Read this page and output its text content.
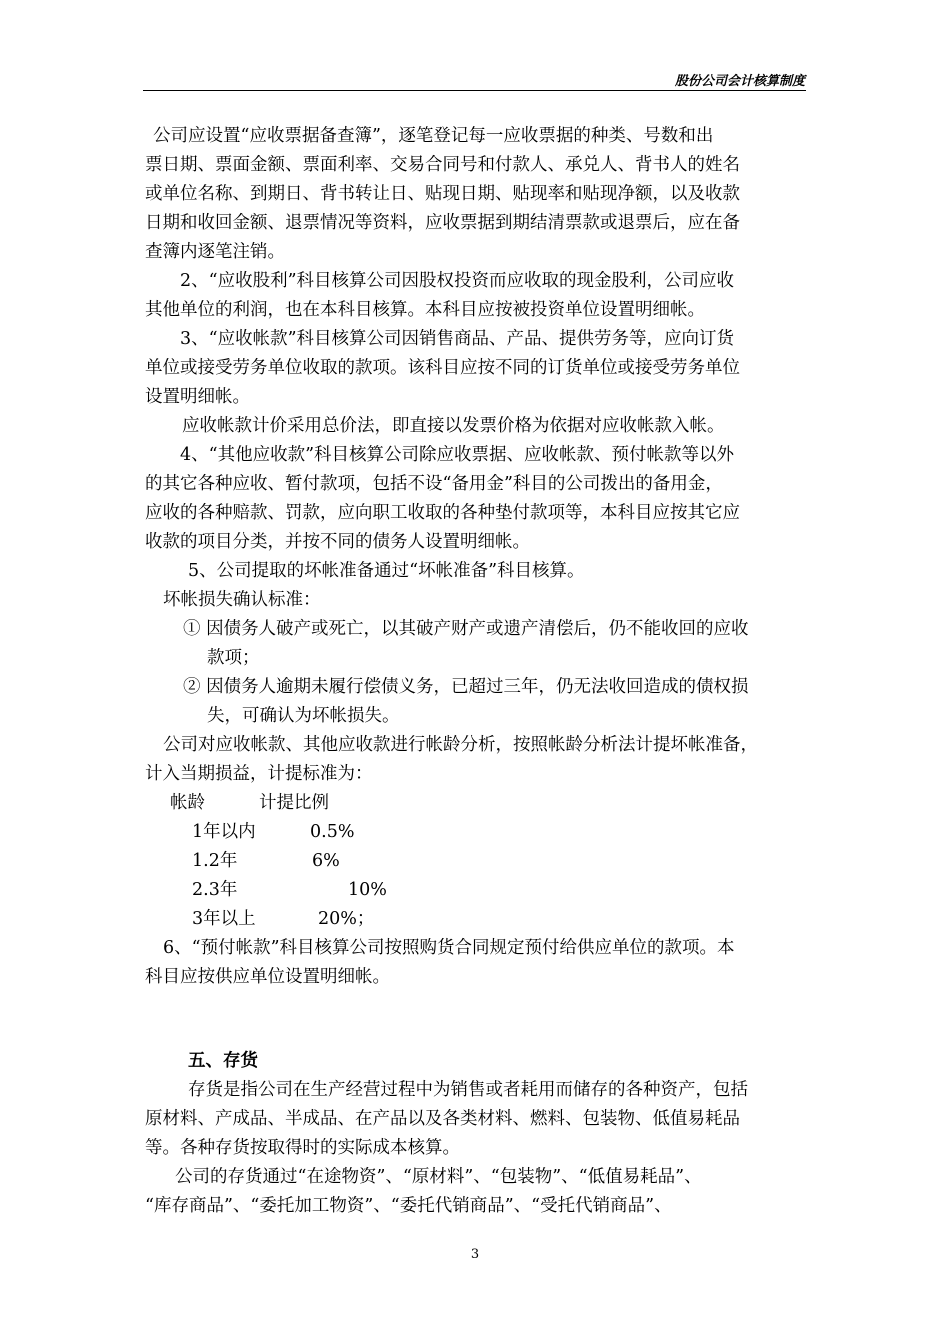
股份公司会计核算制度

公司应设置“应收票据备查簿”，逐笔登记每一应收票据的种类、号数和出

票日期、票面金额、票面利率、交易合同号和付款人、承兑人、背书人的姓名

或单位名称、到期日、背书转让日、贴现日期、贴现率和贴现净额，以及收款

日期和收回金额、退票情况等资料，应收票据到期结清票款或退票后，应在备

查簿内逐笔注销。

2、“应收股利”科目核算公司因股权投资而应收取的现金股利，公司应收

其他单位的利润，也在本科目核算。本科目应按被投资单位设置明细帐。

3、“应收帐款”科目核算公司因销售商品、产品、提供劳务等，应向订货

单位或接受劳务单位收取的款项。该科目应按不同的订货单位或接受劳务单位

设置明细帐。

应收帐款计价采用总价法，即直接以发票价格为依据对应收帐款入帐。

4、“其他应收款”科目核算公司除应收票据、应收帐款、预付帐款等以外

的其它各种应收、暂付款项，包括不设“备用金”科目的公司拨出的备用金，

应收的各种赔款、罚款，应向职工收取的各种垫付款项等，本科目应按其它应

收款的项目分类，并按不同的债务人设置明细帐。

5、公司提取的坏帐准备通过“坏帐准备”科目核算。

坏帐损失确认标准：

① 因债务人破产或死亡，以其破产财产或遗产清偿后，仍不能收回的应收

款项；

② 因债务人逾期未履行偿债义务，已超过三年，仍无法收回造成的债权损

失，可确认为坏帐损失。

公司对应收帐款、其他应收款进行帐龄分析，按照帐龄分析法计提坏帐准备，

计入当期损益，计提标准为：

帐龄	计提比例
1年以内	0.5%
1.2年	6%
2.3年	10%
3年以上	20%；

6、“预付帐款”科目核算公司按照购货合同规定预付给供应单位的款项。本

科目应按供应单位设置明细帐。

五、存货

存货是指公司在生产经营过程中为销售或者耗用而储存的各种资产，包括

原材料、产成品、半成品、在产品以及各类材料、燃料、包装物、低值易耗品

等。各种存货按取得时的实际成本核算。

公司的存货通过“在途物资”、“原材料”、“包装物”、“低值易耗品”、

“库存商品”、“委托加工物资”、“委托代销商品”、“受托代销商品”、

3
